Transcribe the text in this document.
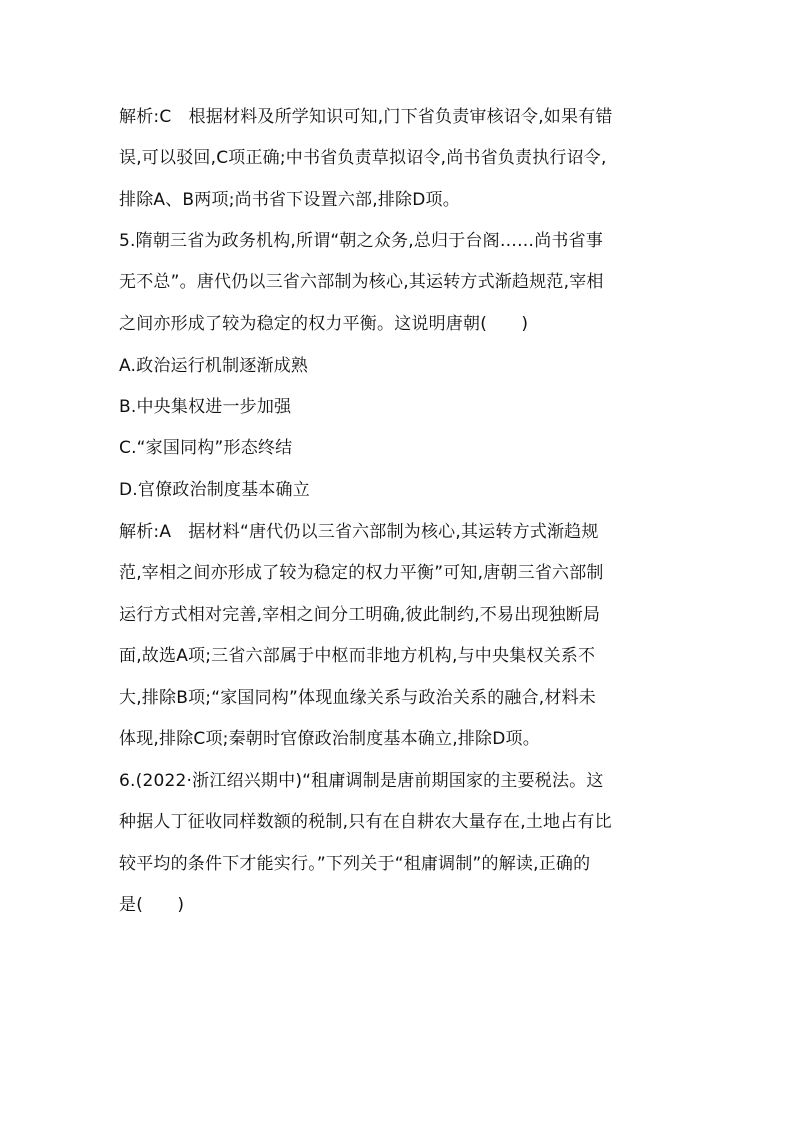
解析:C　根据材料及所学知识可知,门下省负责审核诏令,如果有错
误,可以驳回,C项正确;中书省负责草拟诏令,尚书省负责执行诏令,
排除A、B两项;尚书省下设置六部,排除D项。
5.隋朝三省为政务机构,所谓“朝之众务,总归于台阁……尚书省事
无不总”。唐代仍以三省六部制为核心,其运转方式渐趋规范,宰相
之间亦形成了较为稳定的权力平衡。这说明唐朝(　　)
A.政治运行机制逐渐成熟
B.中央集权进一步加强
C.“家国同构”形态终结
D.官僚政治制度基本确立
解析:A　据材料“唐代仍以三省六部制为核心,其运转方式渐趋规
范,宰相之间亦形成了较为稳定的权力平衡”可知,唐朝三省六部制
运行方式相对完善,宰相之间分工明确,彼此制约,不易出现独断局
面,故选A项;三省六部属于中枢而非地方机构,与中央集权关系不
大,排除B项;“家国同构”体现血缘关系与政治关系的融合,材料未
体现,排除C项;秦朝时官僚政治制度基本确立,排除D项。
6.(2022·浙江绍兴期中)“租庸调制是唐前期国家的主要税法。这
种据人丁征收同样数额的税制,只有在自耕农大量存在,土地占有比
较平均的条件下才能实行。”下列关于“租庸调制”的解读,正确的
是(　　)
